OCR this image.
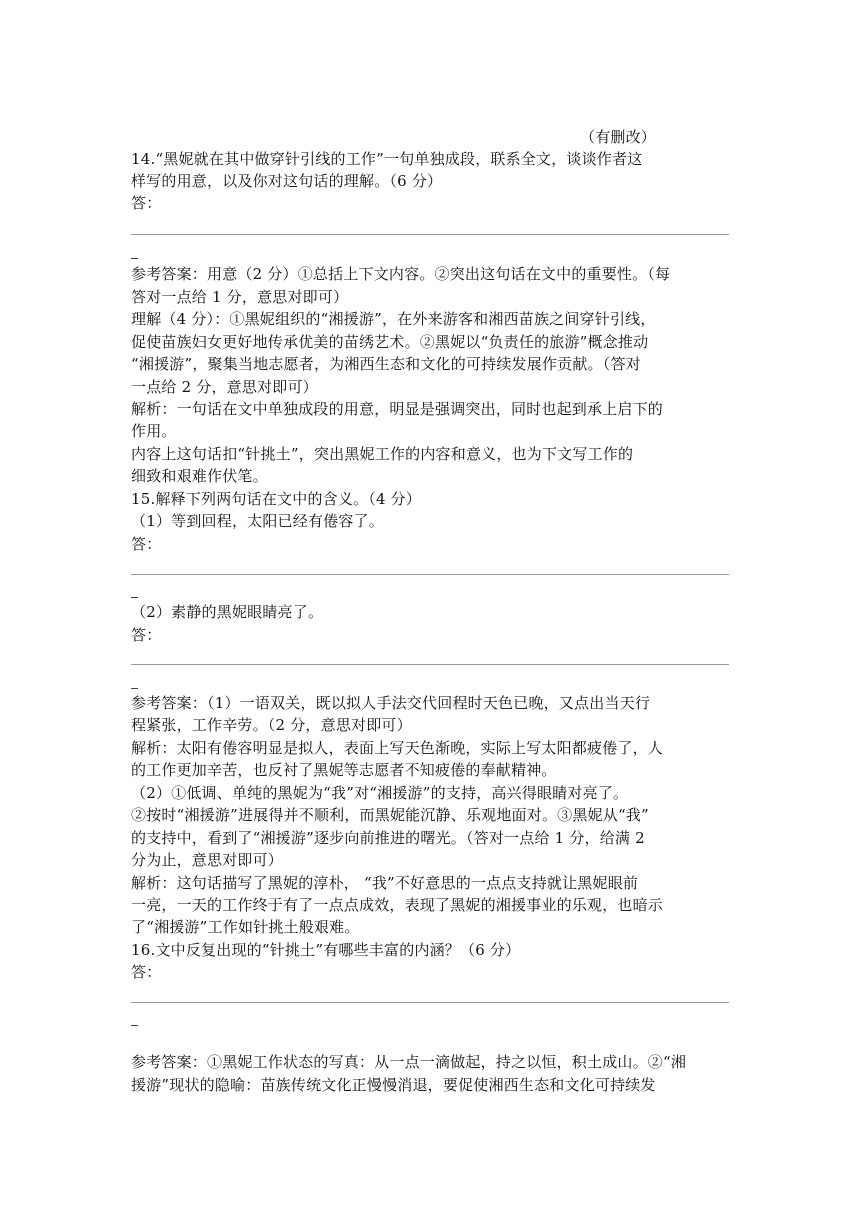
（有删改）
14.“黑妮就在其中做穿针引线的工作”一句单独成段，联系全文，谈谈作者这
样写的用意，以及你对这句话的理解。（6 分）
答：
参考答案：用意（2 分）①总括上下文内容。②突出这句话在文中的重要性。（每
答对一点给 1 分，意思对即可）
理解（4 分）：①黑妮组织的“湘援游”，在外来游客和湘西苗族之间穿针引线，
促使苗族妇女更好地传承优美的苗绣艺术。②黑妮以“负责任的旅游”概念推动
“湘援游”，聚集当地志愿者，为湘西生态和文化的可持续发展作贡献。（答对
一点给 2 分，意思对即可）
解析：一句话在文中单独成段的用意，明显是强调突出，同时也起到承上启下的
作用。
内容上这句话扣“针挑土”，突出黑妮工作的内容和意义，也为下文写工作的
细致和艰难作伏笔。
15.解释下列两句话在文中的含义。（4 分）
（1）等到回程，太阳已经有倦容了。
答：
（2）素静的黑妮眼睛亮了。
答：
参考答案：（1）一语双关，既以拟人手法交代回程时天色已晚，又点出当天行
程紧张，工作辛劳。（2 分，意思对即可）
解析：太阳有倦容明显是拟人，表面上写天色渐晚，实际上写太阳都疲倦了，人
的工作更加辛苦，也反衬了黑妮等志愿者不知疲倦的奉献精神。
（2）①低调、单纯的黑妮为“我”对“湘援游”的支持，高兴得眼睛对亮了。
②按时“湘援游”进展得并不顺利，而黑妮能沉静、乐观地面对。③黑妮从“我”
的支持中，看到了“湘援游”逐步向前推进的曙光。（答对一点给 1 分，给满 2
分为止，意思对即可）
解析：这句话描写了黑妮的淳朴， “我”不好意思的一点点支持就让黑妮眼前
一亮，一天的工作终于有了一点点成效，表现了黑妮的湘援事业的乐观，也暗示
了“湘援游”工作如针挑土般艰难。
16.文中反复出现的“针挑土”有哪些丰富的内涵？（6 分）
答：
参考答案：①黑妮工作状态的写真：从一点一滴做起，持之以恒，积土成山。②“湘
援游”现状的隐喻：苗族传统文化正慢慢消退，要促使湘西生态和文化可持续发
